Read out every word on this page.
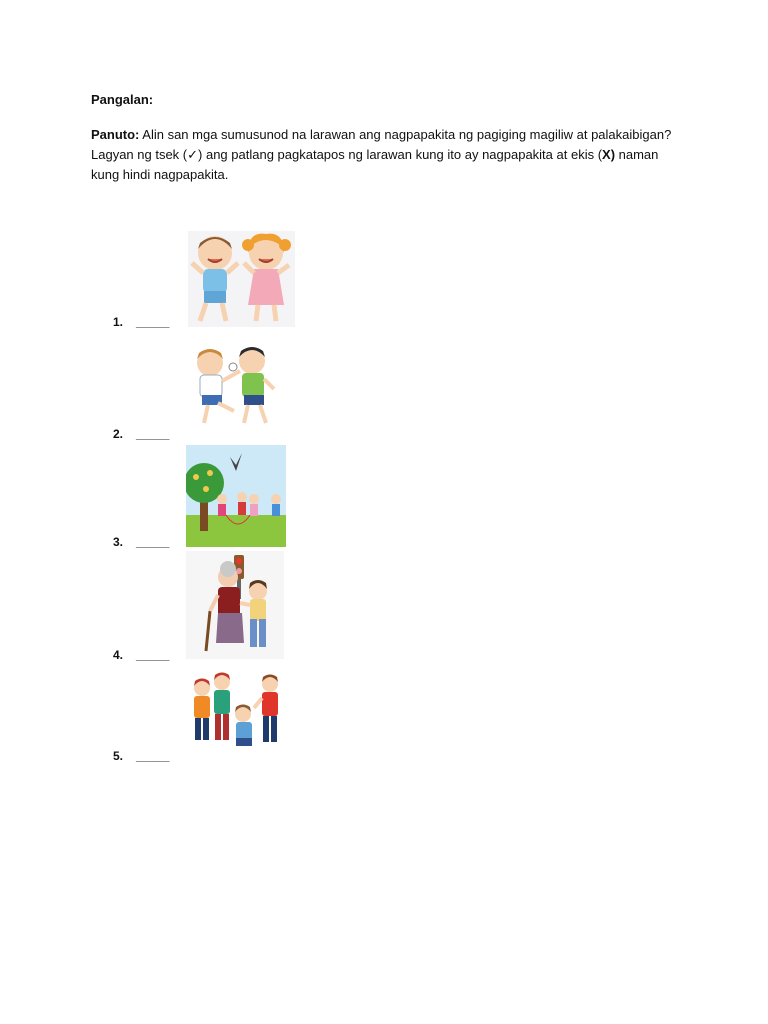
Pangalan:
Panuto: Alin san mga sumusunod na larawan ang nagpapakita ng pagiging magiliw at palakaibigan? Lagyan ng tsek (✓) ang patlang pagkatapos ng larawan kung ito ay nagpapakita at ekis (X) naman kung hindi nagpapakita.
1. _____
2. _____
3. _____
4. _____
5. _____
